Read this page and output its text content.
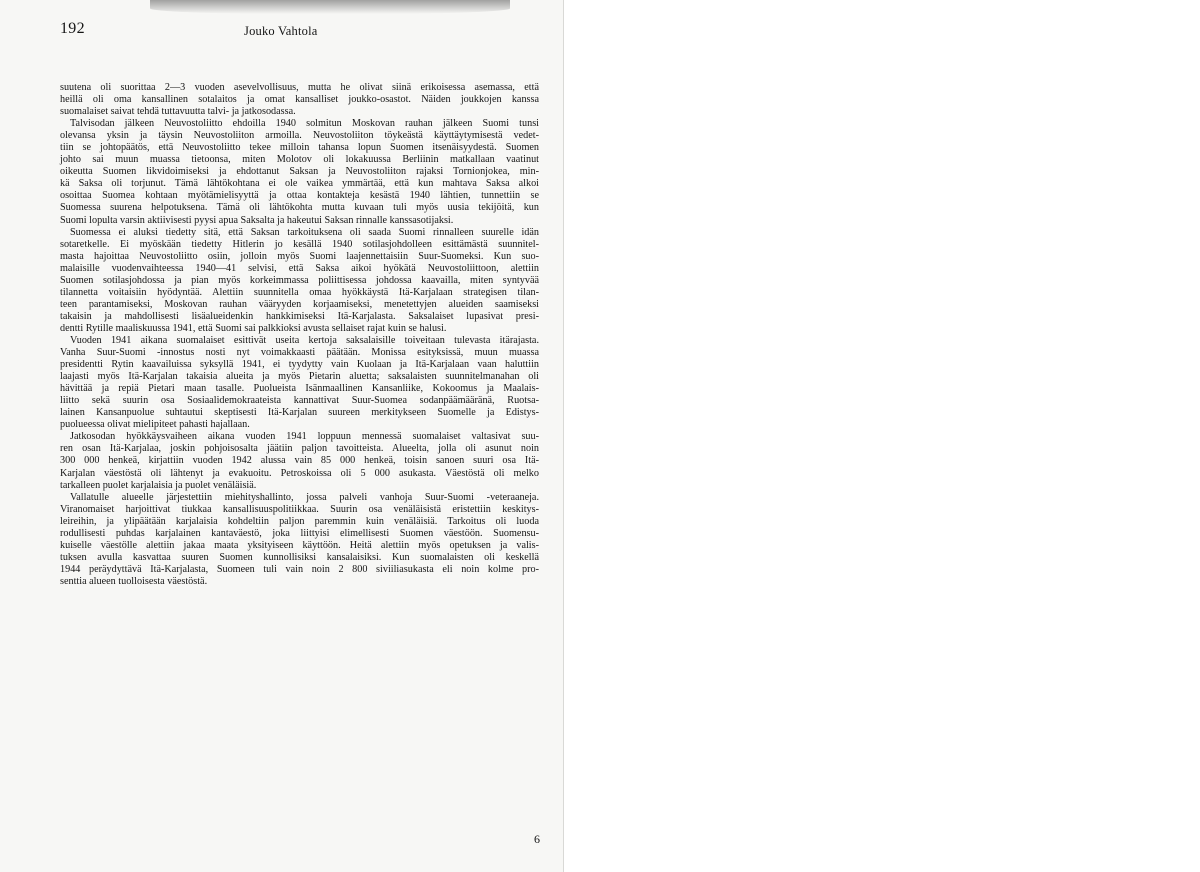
192	Jouko Vahtola
suutena oli suorittaa 2—3 vuoden asevelvollisuus, mutta he olivat siinä erikoisessa asemassa, että
heillä oli oma kansallinen sotalaitos ja omat kansalliset joukko-osastot. Näiden joukkojen kanssa
suomalaiset saivat tehdä tuttavuutta talvi- ja jatkosodassa.
Talvisodan jälkeen Neuvostoliitto ehdoilla 1940 solmitun Moskovan rauhan jälkeen Suomi tunsi
olevansa yksin ja täysin Neuvostoliiton armoilla. Neuvostoliiton töykeästä käyttäytymisestä vedet-
tiin se johtopäätös, että Neuvostoliitto tekee milloin tahansa lopun Suomen itsenäisyydestä. Suomen
johto sai muun muassa tietoonsa, miten Molotov oli lokakuussa Berliinin matkallaan vaatinut
oikeutta Suomen likvidoimiseksi ja ehdottanut Saksan ja Neuvostoliiton rajaksi Tornionjokea, min-
kä Saksa oli torjunut. Tämä lähtökohtana ei ole vaikea ymmärtää, että kun mahtava Saksa alkoi
osoittaa Suomea kohtaan myötämielisyyttä ja ottaa kontakteja kesästä 1940 lähtien, tunnettiin se
Suomessa suurena helpotuksena. Tämä oli lähtökohta mutta kuvaan tuli myös uusia tekijöitä, kun
Suomi lopulta varsin aktiivisesti pyysi apua Saksalta ja hakeutui Saksan rinnalle kanssasotijaksi.
Suomessa ei aluksi tiedetty sitä, että Saksan tarkoituksena oli saada Suomi rinnalleen suurelle idän
sotaretkelle. Ei myöskään tiedetty Hitlerin jo kesällä 1940 sotilasjohdolleen esittämästä suunnitel-
masta hajoittaa Neuvostoliitto osiin, jolloin myös Suomi laajennettaisiin Suur-Suomeksi. Kun suo-
malaisille vuodenvaihteessa 1940—41 selvisi, että Saksa aikoi hyökätä Neuvostoliittoon, alettiin
Suomen sotilasjohdossa ja pian myös korkeimmassa poliittisessa johdossa kaavailla, miten syntyvää
tilannetta voitaisiin hyödyntää. Alettiin suunnitella omaa hyökkäystä Itä-Karjalaan strategisen tilan-
teen parantamiseksi, Moskovan rauhan vääryyden korjaamiseksi, menetettyjen alueiden saamiseksi
takaisin ja mahdollisesti lisäalueidenkin hankkimiseksi Itä-Karjalasta. Saksalaiset lupasivat presi-
dentti Rytille maaliskuussa 1941, että Suomi sai palkkioksi avusta sellaiset rajat kuin se halusi.
Vuoden 1941 aikana suomalaiset esittivät useita kertoja saksalaisille toiveitaan tulevasta itärajasta.
Vanha Suur-Suomi -innostus nosti nyt voimakkaasti päätään. Monissa esityksissä, muun muassa
presidentti Rytin kaavailuissa syksyllä 1941, ei tyydytty vain Kuolaan ja Itä-Karjalaan vaan haluttiin
laajasti myös Itä-Karjalan takaisia alueita ja myös Pietarin aluetta; saksalaisten suunnitelmanahan oli
hävittää ja repiä Pietari maan tasalle. Puolueista Isänmaallinen Kansanliike, Kokoomus ja Maalais-
liitto sekä suurin osa Sosiaalidemokraateista kannattivat Suur-Suomea sodanpäämääränä, Ruotsa-
lainen Kansanpuolue suhtautui skeptisesti Itä-Karjalan suureen merkitykseen Suomelle ja Edistys-
puolueessa olivat mielipiteet pahasti hajallaan.
Jatkosodan hyökkäysvaiheen aikana vuoden 1941 loppuun mennessä suomalaiset valtasivat suu-
ren osan Itä-Karjalaa, joskin pohjoisosalta jäätiin paljon tavoitteista. Alueelta, jolla oli asunut noin
300 000 henkeä, kirjattiin vuoden 1942 alussa vain 85 000 henkeä, toisin sanoen suuri osa Itä-
Karjalan väestöstä oli lähtenyt ja evakuoitu. Petroskoissa oli 5 000 asukasta. Väestöstä oli melko
tarkalleen puolet karjalaisia ja puolet venäläisiä.
Vallatulle alueelle järjestettiin miehityshallinto, jossa palveli vanhoja Suur-Suomi -veteraaneja.
Viranomaiset harjoittivat tiukkaa kansallisuuspolitiikkaa. Suurin osa venäläisistä eristettiin keskitys-
leireihin, ja ylipäätään karjalaisia kohdeltiin paljon paremmin kuin venäläisiä. Tarkoitus oli luoda
rodullisesti puhdas karjalainen kantaväestö, joka liittyisi elimellisesti Suomen väestöön. Suomensu-
kuiselle väestölle alettiin jakaa maata yksityiseen käyttöön. Heitä alettiin myös opetuksen ja valis-
tuksen avulla kasvattaa suuren Suomen kunnollisiksi kansalaisiksi. Kun suomalaisten oli keskellä
1944 peräydyttävä Itä-Karjalasta, Suomeen tuli vain noin 2 800 siviiliasukasta eli noin kolme pro-
senttia alueen tuolloisesta väestöstä.

6
